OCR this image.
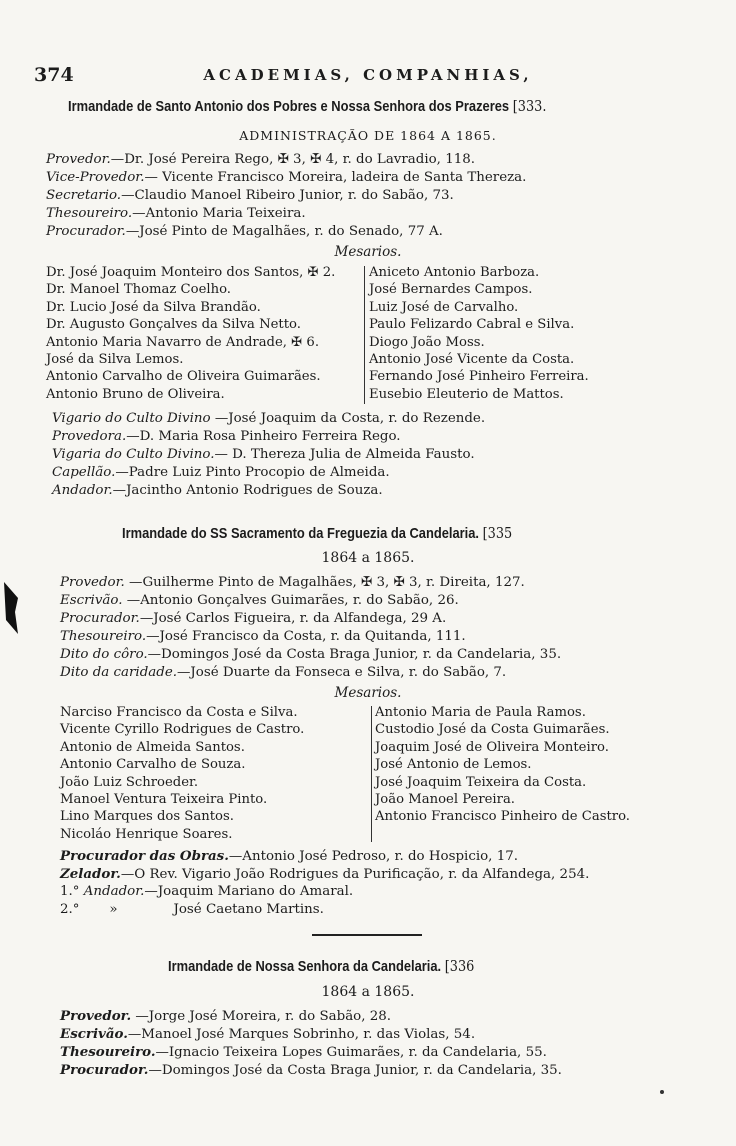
374	ACADEMIAS, COMPANHIAS,
Irmandade de Santo Antonio dos Pobres e Nossa Senhora dos Prazeres [333.
ADMINISTRAÇÃO DE 1864 A 1865.
Provedor.—Dr. José Pereira Rego, ✠ 3, ✠ 4, r. do Lavradio, 118.
Vice-Provedor.— Vicente Francisco Moreira, ladeira de Santa Thereza.
Secretario.—Claudio Manoel Ribeiro Junior, r. do Sabão, 73.
Thesoureiro.—Antonio Maria Teixeira.
Procurador.—José Pinto de Magalhães, r. do Senado, 77 A.
Mesarios.
Dr. José Joaquim Monteiro dos Santos, ✠ 2.
Dr. Manoel Thomaz Coelho.
Dr. Lucio José da Silva Brandão.
Dr. Augusto Gonçalves da Silva Netto.
Antonio Maria Navarro de Andrade, ✠ 6.
José da Silva Lemos.
Antonio Carvalho de Oliveira Guimarães.
Antonio Bruno de Oliveira.
Aniceto Antonio Barboza.
José Bernardes Campos.
Luiz José de Carvalho.
Paulo Felizardo Cabral e Silva.
Diogo João Moss.
Antonio José Vicente da Costa.
Fernando José Pinheiro Ferreira.
Eusebio Eleuterio de Mattos.
Vigario do Culto Divino —José Joaquim da Costa, r. do Rezende.
Provedora.—D. Maria Rosa Pinheiro Ferreira Rego.
Vigaria do Culto Divino.— D. Thereza Julia de Almeida Fausto.
Capellão.—Padre Luiz Pinto Procopio de Almeida.
Andador.—Jacintho Antonio Rodrigues de Souza.
Irmandade do SS Sacramento da Freguezia da Candelaria. [335
1864 a 1865.
Provedor. —Guilherme Pinto de Magalhães, ✠ 3, ✠ 3, r. Direita, 127.
Escrivão. —Antonio Gonçalves Guimarães, r. do Sabão, 26.
Procurador.—José Carlos Figueira, r. da Alfandega, 29 A.
Thesoureiro.—José Francisco da Costa, r. da Quitanda, 111.
Dito do côro.—Domingos José da Costa Braga Junior, r. da Candelaria, 35.
Dito da caridade.—José Duarte da Fonseca e Silva, r. do Sabão, 7.
Mesarios.
Narciso Francisco da Costa e Silva.
Vicente Cyrillo Rodrigues de Castro.
Antonio de Almeida Santos.
Antonio Carvalho de Souza.
João Luiz Schroeder.
Manoel Ventura Teixeira Pinto.
Lino Marques dos Santos.
Nicoláo Henrique Soares.
Antonio Maria de Paula Ramos.
Custodio José da Costa Guimarães.
Joaquim José de Oliveira Monteiro.
José Antonio de Lemos.
José Joaquim Teixeira da Costa.
João Manoel Pereira.
Antonio Francisco Pinheiro de Castro.
Procurador das Obras.—Antonio José Pedroso, r. do Hospicio, 17.
Zelador.—O Rev. Vigario João Rodrigues da Purificação, r. da Alfandega, 254.
1.° Andador.—Joaquim Mariano do Amaral.
2.° »	José Caetano Martins.
Irmandade de Nossa Senhora da Candelaria. [336
1864 a 1865.
Provedor. —Jorge José Moreira, r. do Sabão, 28.
Escrivão.—Manoel José Marques Sobrinho, r. das Violas, 54.
Thesoureiro.—Ignacio Teixeira Lopes Guimarães, r. da Candelaria, 55.
Procurador.—Domingos José da Costa Braga Junior, r. da Candelaria, 35.
